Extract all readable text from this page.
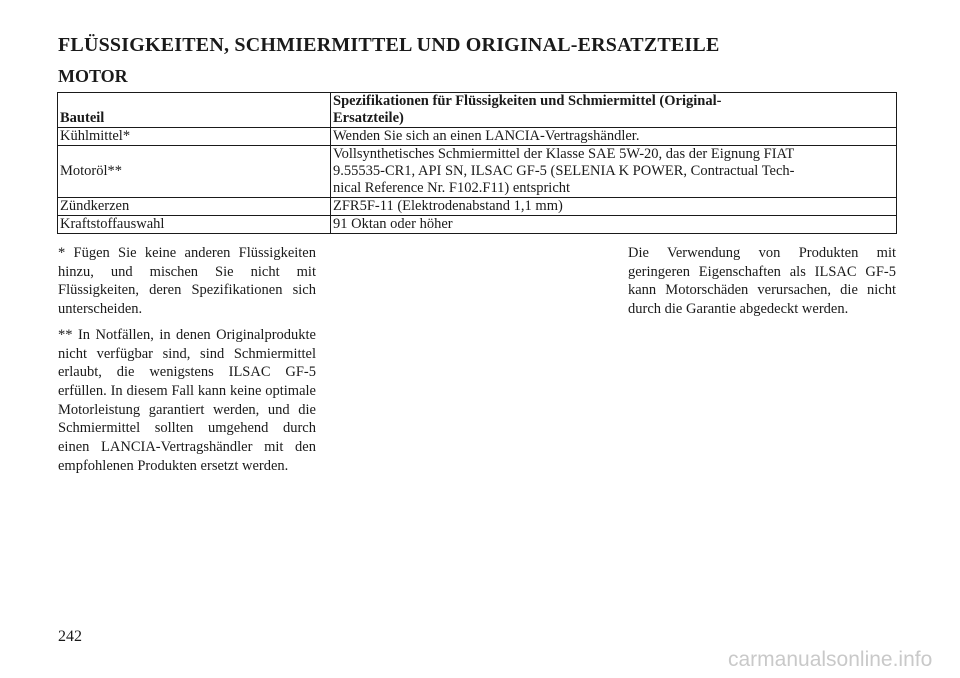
FLÜSSIGKEITEN, SCHMIERMITTEL UND ORIGINAL-ERSATZTEILE
MOTOR
Bauteil	Spezifikationen für Flüssigkeiten und Schmiermittel (Original-
Ersatzteile)

Kühlmittel*	Wenden Sie sich an einen LANCIA-Vertragshändler.
Motoröl**	Vollsynthetisches Schmiermittel der Klasse SAE 5W-20, das der Eignung FIAT
9.55535-CR1, API SN, ILSAC GF-5 (SELENIA K POWER, Contractual Tech-
nical Reference Nr. F102.F11) entspricht

Zündkerzen	ZFR5F-11 (Elektrodenabstand 1,1 mm)
Kraftstoffauswahl	91 Oktan oder höher

* Fügen Sie keine anderen Flüssigkeiten hinzu, und mischen Sie nicht mit Flüssigkeiten, deren Spezifikationen sich unterscheiden.

** In Notfällen, in denen Originalprodukte nicht verfügbar sind, sind Schmiermittel erlaubt, die wenigstens ILSAC GF-5 erfüllen. In diesem Fall kann keine optimale Motorleistung garantiert werden, und die Schmiermittel sollten umgehend durch einen LANCIA-Vertragshändler mit den empfohlenen Produkten ersetzt werden.

Die Verwendung von Produkten mit geringeren Eigenschaften als ILSAC GF-5 kann Motorschäden verursachen, die nicht durch die Garantie abgedeckt werden.

242
carmanualsonline.info
